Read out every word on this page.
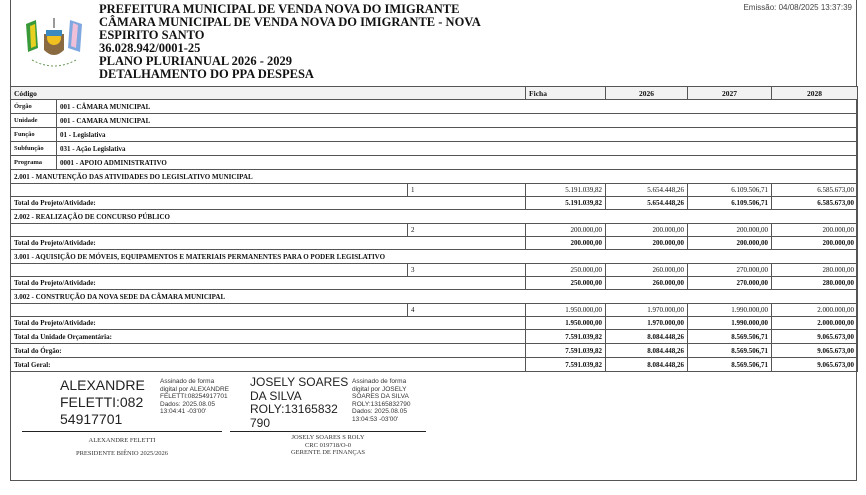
PREFEITURA MUNICIPAL DE VENDA NOVA DO IMIGRANTE
CÂMARA MUNICIPAL DE VENDA NOVA DO IMIGRANTE - NOVA
ESPIRITO SANTO
36.028.942/0001-25
PLANO PLURIANUAL 2026 - 2029
DETALHAMENTO DO PPA DESPESA
Emissão: 04/08/2025 13:37:39
Código			Ficha	2026	2027	2028	
Órgão	001 - CÂMARA MUNICIPAL						
Unidade	001 - CAMARA MUNICIPAL						
Função	01 - Legislativa						
Subfunção	031 - Ação Legislativa						
Programa	0001 - APOIO ADMINISTRATIVO						
2.001 - MANUTENÇÃO DAS ATIVIDADES DO LEGISLATIVO MUNICIPAL							
		1	5.191.039,82	5.654.448,26	6.109.506,71	6.585.673,00	
Total do Projeto/Atividade:			5.191.039,82	5.654.448,26	6.109.506,71	6.585.673,00	
2.002 - REALIZAÇÃO DE CONCURSO PÚBLICO							
		2	200.000,00	200.000,00	200.000,00	200.000,00	
Total do Projeto/Atividade:			200.000,00	200.000,00	200.000,00	200.000,00	
3.001 - AQUISIÇÃO DE MÓVEIS, EQUIPAMENTOS E MATERIAIS PERMANENTES PARA O PODER LEGISLATIVO							
		3	250.000,00	260.000,00	270.000,00	280.000,00	
Total do Projeto/Atividade:			250.000,00	260.000,00	270.000,00	280.000,00	
3.002 - CONSTRUÇÃO DA NOVA SEDE DA CÂMARA MUNICIPAL							
		4	1.950.000,00	1.970.000,00	1.990.000,00	2.000.000,00	
Total do Projeto/Atividade:			1.950.000,00	1.970.000,00	1.990.000,00	2.000.000,00	
Total da Unidade Orçamentária:			7.591.039,82	8.084.448,26	8.569.506,71	9.065.673,00	
Total do Órgão:			7.591.039,82	8.084.448,26	8.569.506,71	9.065.673,00	
Total Geral:			7.591.039,82	8.084.448,26	8.569.506,71	9.065.673,00	
ALEXANDRE
FELETTI:082
54917701
Assinado de forma
digital por ALEXANDRE
FELETTI:08254917701
Dados: 2025.08.05
13:04:41 -03'00'
ALEXANDRE FELETTI
PRESIDENTE BIÊNIO 2025/2026
JOSELY SOARES
DA SILVA
ROLY:13165832
790
Assinado de forma
digital por JOSELY
SOARES DA SILVA
ROLY:13165832790
Dados: 2025.08.05
13:04:53 -03'00'
JOSELY SOARES S ROLY
CRC 019718/O-0
GERENTE DE FINANÇAS
